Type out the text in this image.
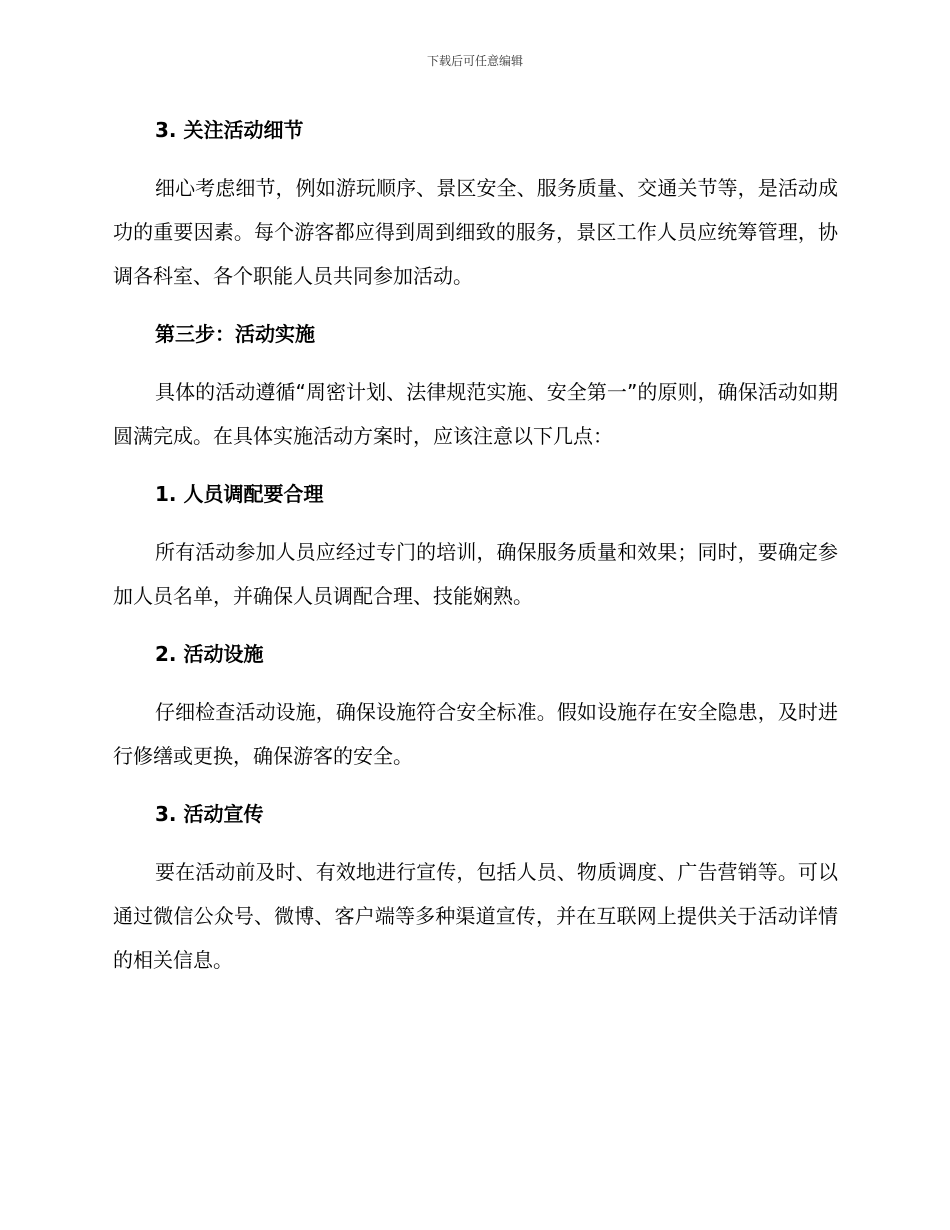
下载后可任意编辑
3. 关注活动细节
细心考虑细节，例如游玩顺序、景区安全、服务质量、交通关节等，是活动成功的重要因素。每个游客都应得到周到细致的服务，景区工作人员应统筹管理，协调各科室、各个职能人员共同参加活动。
第三步：活动实施
具体的活动遵循“周密计划、法律规范实施、安全第一”的原则，确保活动如期圆满完成。在具体实施活动方案时，应该注意以下几点：
1. 人员调配要合理
所有活动参加人员应经过专门的培训，确保服务质量和效果；同时，要确定参加人员名单，并确保人员调配合理、技能娴熟。
2. 活动设施
仔细检查活动设施，确保设施符合安全标准。假如设施存在安全隐患，及时进行修缮或更换，确保游客的安全。
3. 活动宣传
要在活动前及时、有效地进行宣传，包括人员、物质调度、广告营销等。可以通过微信公众号、微博、客户端等多种渠道宣传，并在互联网上提供关于活动详情的相关信息。
